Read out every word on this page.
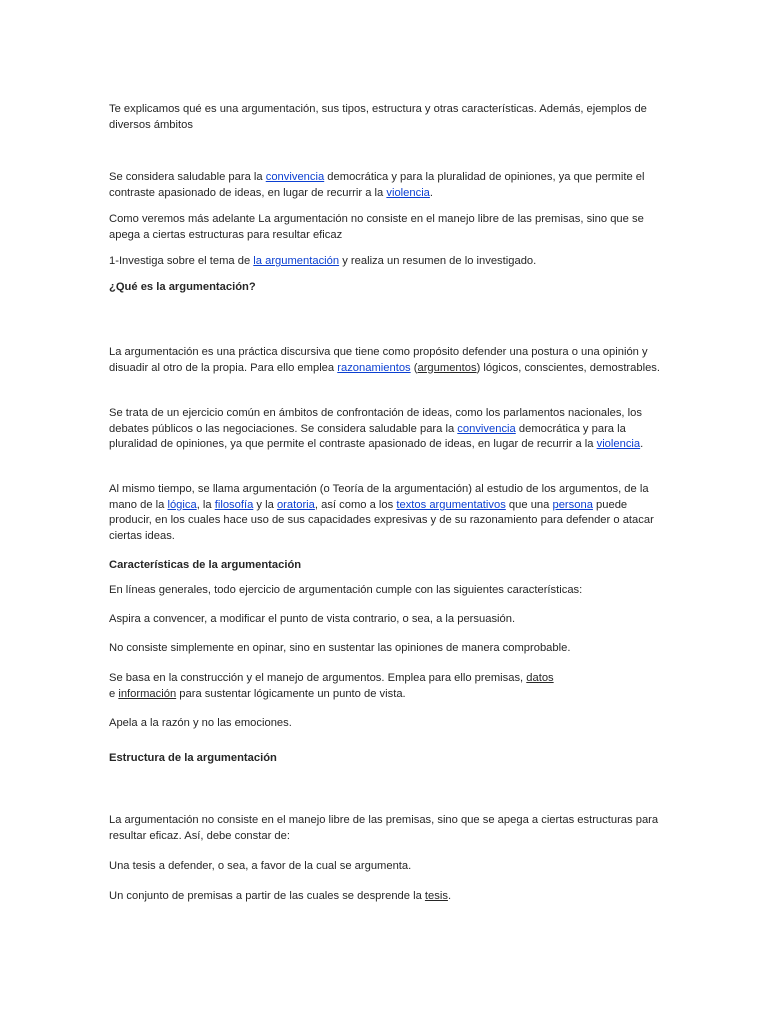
Te explicamos qué es una argumentación, sus tipos, estructura y otras características. Además, ejemplos de diversos ámbitos

Se considera saludable para la convivencia democrática y para la pluralidad de opiniones, ya que permite el contraste apasionado de ideas, en lugar de recurrir a la violencia.

Como veremos más adelante La argumentación no consiste en el manejo libre de las premisas, sino que se apega a ciertas estructuras para resultar eficaz

1-Investiga sobre el tema de la argumentación y realiza un resumen de lo investigado.

¿Qué es la argumentación?

La argumentación es una práctica discursiva que tiene como propósito defender una postura o una opinión y disuadir al otro de la propia. Para ello emplea razonamientos (argumentos) lógicos, conscientes, demostrables.

Se trata de un ejercicio común en ámbitos de confrontación de ideas, como los parlamentos nacionales, los debates públicos o las negociaciones. Se considera saludable para la convivencia democrática y para la pluralidad de opiniones, ya que permite el contraste apasionado de ideas, en lugar de recurrir a la violencia.

Al mismo tiempo, se llama argumentación (o Teoría de la argumentación) al estudio de los argumentos, de la mano de la lógica, la filosofía y la oratoria, así como a los textos argumentativos que una persona puede producir, en los cuales hace uso de sus capacidades expresivas y de su razonamiento para defender o atacar ciertas ideas.

Características de la argumentación

En líneas generales, todo ejercicio de argumentación cumple con las siguientes características:

Aspira a convencer, a modificar el punto de vista contrario, o sea, a la persuasión.

No consiste simplemente en opinar, sino en sustentar las opiniones de manera comprobable.

Se basa en la construcción y el manejo de argumentos. Emplea para ello premisas, datos
e información para sustentar lógicamente un punto de vista.

Apela a la razón y no las emociones.

Estructura de la argumentación

La argumentación no consiste en el manejo libre de las premisas, sino que se apega a ciertas estructuras para resultar eficaz. Así, debe constar de:

Una tesis a defender, o sea, a favor de la cual se argumenta.

Un conjunto de premisas a partir de las cuales se desprende la tesis.
